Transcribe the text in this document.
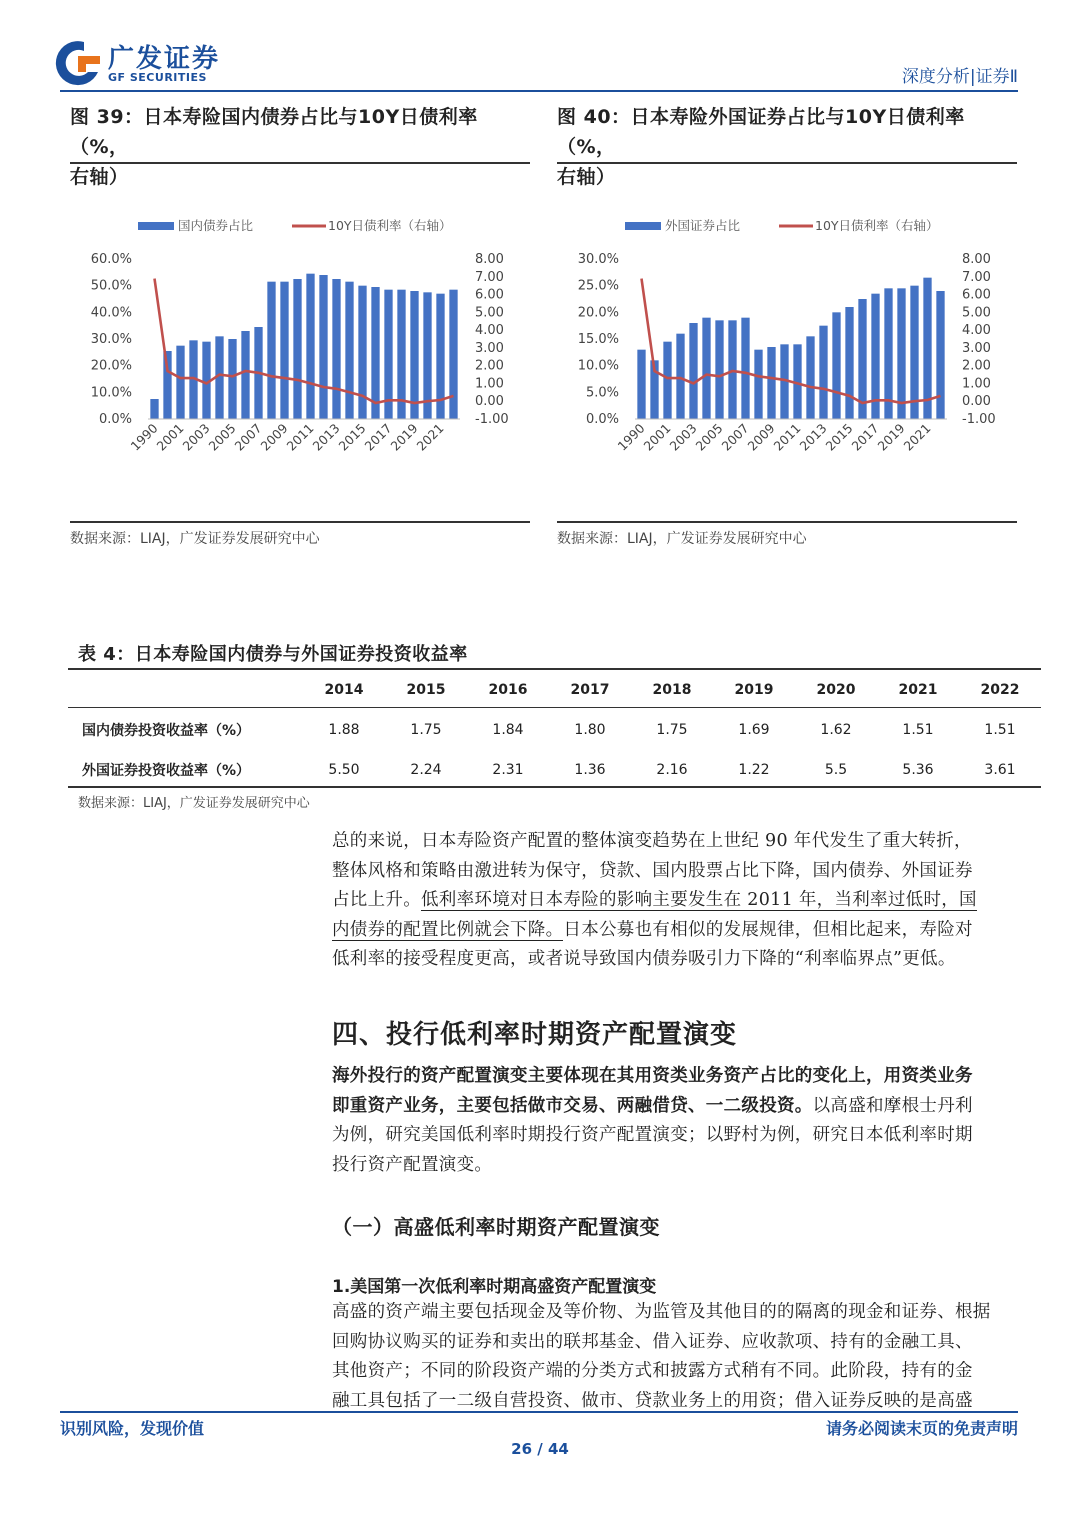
广发证券
GF SECURITIES	深度分析|证券Ⅱ
图 39：日本寿险国内债券占比与10Y日债利率（%，
右轴）
国内债券占比	10Y日债利率（右轴）
60.0%
50.0%
40.0%
30.0%
20.0%
10.0%
0.0%
8.00
7.00
6.00
5.00
4.00
3.00
2.00
1.00
0.00
-1.00
1990
2001
2003
2005
2007
2009
2011
2013
2015
2017
2019
2021
数据来源：LIAJ，广发证券发展研究中心
图 40：日本寿险外国证券占比与10Y日债利率（%，
右轴）
外国证券占比	10Y日债利率（右轴）
30.0%
25.0%
20.0%
15.0%
10.0%
5.0%
0.0%
8.00
7.00
6.00
5.00
4.00
3.00
2.00
1.00
0.00
-1.00
1990
2001
2003
2005
2007
2009
2011
2013
2015
2017
2019
2021
数据来源：LIAJ，广发证券发展研究中心
表 4：日本寿险国内债券与外国证券投资收益率
	2014	2015	2016	2017	2018	2019	2020	2021	2022
国内债券投资收益率（%）	1.88	1.75	1.84	1.80	1.75	1.69	1.62	1.51	1.51
外国证券投资收益率（%）	5.50	2.24	2.31	1.36	2.16	1.22	5.5	5.36	3.61
数据来源：LIAJ，广发证券发展研究中心
总的来说，日本寿险资产配置的整体演变趋势在上世纪 90 年代发生了重大转折，
整体风格和策略由激进转为保守，贷款、国内股票占比下降，国内债券、外国证券
占比上升。低利率环境对日本寿险的影响主要发生在 2011 年，当利率过低时，国
内债券的配置比例就会下降。日本公募也有相似的发展规律，但相比起来，寿险对
低利率的接受程度更高，或者说导致国内债券吸引力下降的“利率临界点”更低。
四、投行低利率时期资产配置演变
海外投行的资产配置演变主要体现在其用资类业务资产占比的变化上，用资类业务
即重资产业务，主要包括做市交易、两融借贷、一二级投资。以高盛和摩根士丹利
为例，研究美国低利率时期投行资产配置演变；以野村为例，研究日本低利率时期
投行资产配置演变。
（一）高盛低利率时期资产配置演变
1.美国第一次低利率时期高盛资产配置演变
高盛的资产端主要包括现金及等价物、为监管及其他目的的隔离的现金和证券、根据
回购协议购买的证券和卖出的联邦基金、借入证券、应收款项、持有的金融工具、
其他资产；不同的阶段资产端的分类方式和披露方式稍有不同。此阶段，持有的金
融工具包括了一二级自营投资、做市、贷款业务上的用资；借入证券反映的是高盛
识别风险，发现价值	请务必阅读末页的免责声明
26 / 44
